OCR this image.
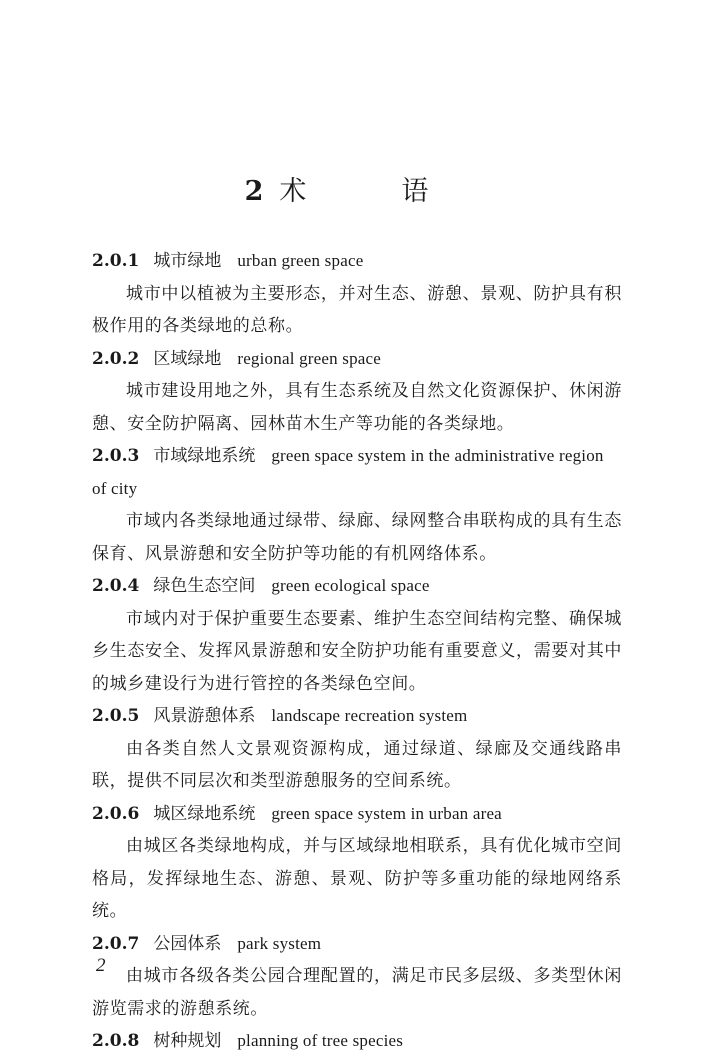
2 术　语
2.0.1 城市绿地 urban green space
城市中以植被为主要形态，并对生态、游憩、景观、防护具有积极作用的各类绿地的总称。
2.0.2 区域绿地 regional green space
城市建设用地之外，具有生态系统及自然文化资源保护、休闲游憩、安全防护隔离、园林苗木生产等功能的各类绿地。
2.0.3 市域绿地系统 green space system in the administrative region of city
市域内各类绿地通过绿带、绿廊、绿网整合串联构成的具有生态保育、风景游憩和安全防护等功能的有机网络体系。
2.0.4 绿色生态空间 green ecological space
市域内对于保护重要生态要素、维护生态空间结构完整、确保城乡生态安全、发挥风景游憩和安全防护功能有重要意义，需要对其中的城乡建设行为进行管控的各类绿色空间。
2.0.5 风景游憩体系 landscape recreation system
由各类自然人文景观资源构成，通过绿道、绿廊及交通线路串联，提供不同层次和类型游憩服务的空间系统。
2.0.6 城区绿地系统 green space system in urban area
由城区各类绿地构成，并与区域绿地相联系，具有优化城市空间格局，发挥绿地生态、游憩、景观、防护等多重功能的绿地网络系统。
2.0.7 公园体系 park system
由城市各级各类公园合理配置的，满足市民多层级、多类型休闲游览需求的游憩系统。
2.0.8 树种规划 planning of tree species
2
